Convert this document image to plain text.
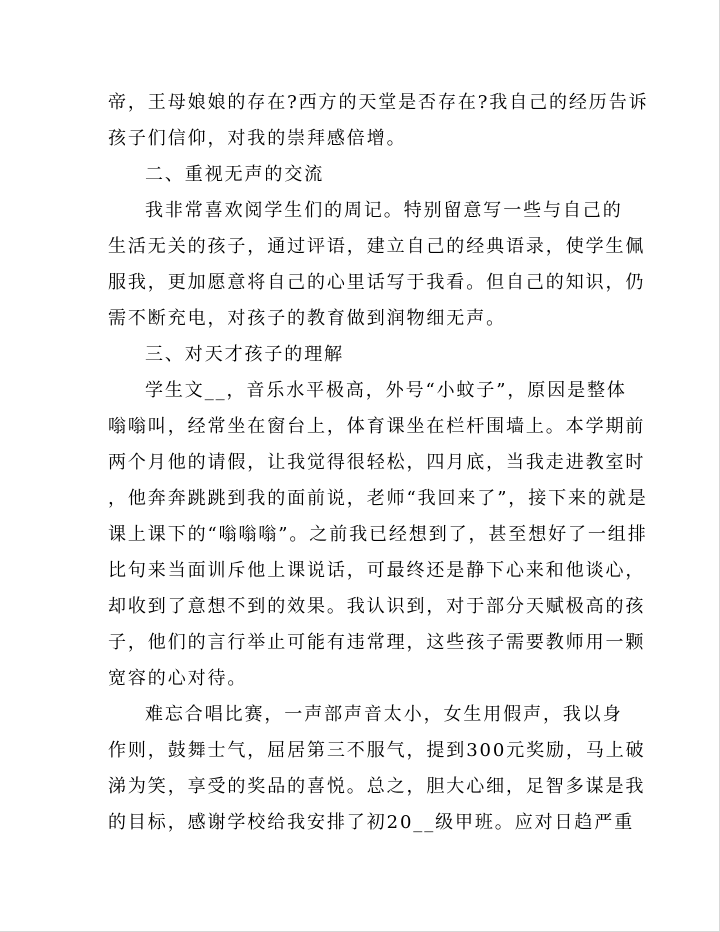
帝，王母娘娘的存在?西方的天堂是否存在?我自己的经历告诉
孩子们信仰，对我的崇拜感倍增。
二、重视无声的交流
我非常喜欢阅学生们的周记。特别留意写一些与自己的
生活无关的孩子，通过评语，建立自己的经典语录，使学生佩
服我，更加愿意将自己的心里话写于我看。但自己的知识，仍
需不断充电，对孩子的教育做到润物细无声。
三、对天才孩子的理解
学生文__，音乐水平极高，外号“小蚊子”，原因是整体
嗡嗡叫，经常坐在窗台上，体育课坐在栏杆围墙上。本学期前
两个月他的请假，让我觉得很轻松，四月底，当我走进教室时
，他奔奔跳跳到我的面前说，老师“我回来了”，接下来的就是
课上课下的“嗡嗡嗡”。之前我已经想到了，甚至想好了一组排
比句来当面训斥他上课说话，可最终还是静下心来和他谈心，
却收到了意想不到的效果。我认识到，对于部分天赋极高的孩
子，他们的言行举止可能有违常理，这些孩子需要教师用一颗
宽容的心对待。
难忘合唱比赛，一声部声音太小，女生用假声，我以身
作则，鼓舞士气，屈居第三不服气，提到300元奖励，马上破
涕为笑，享受的奖品的喜悦。总之，胆大心细，足智多谋是我
的目标，感谢学校给我安排了初20__级甲班。应对日趋严重
